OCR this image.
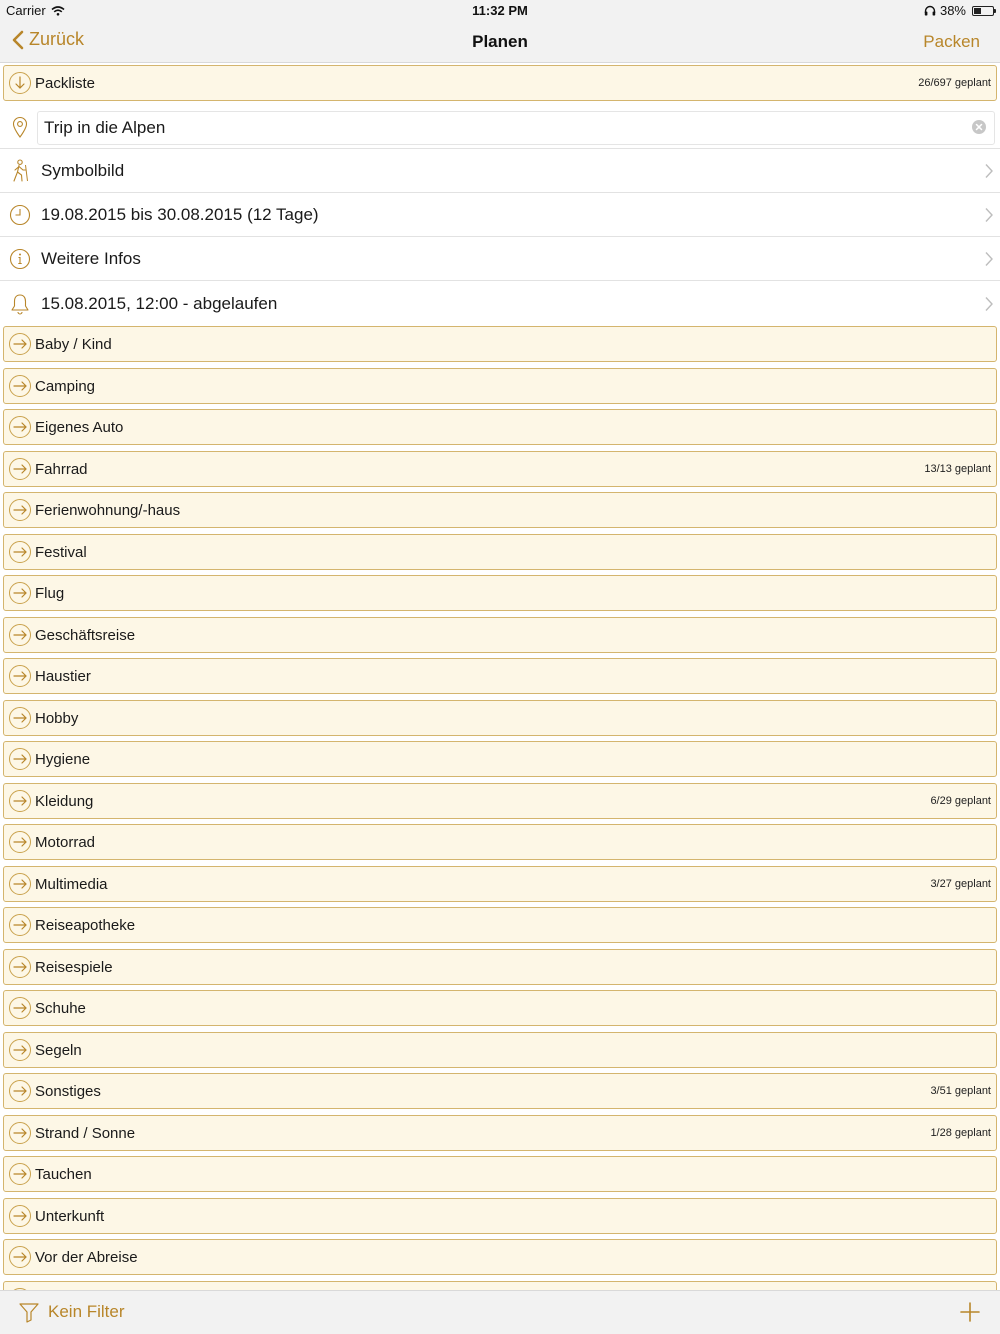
Carrier	11:32 PM	38%
Zurück	Planen	Packen
Packliste	26/697 geplant
Trip in die Alpen
Symbolbild
19.08.2015 bis 30.08.2015 (12 Tage)
Weitere Infos
15.08.2015, 12:00 - abgelaufen
Baby / Kind
Camping
Eigenes Auto
Fahrrad	13/13 geplant
Ferienwohnung/-haus
Festival
Flug
Geschäftsreise
Haustier
Hobby
Hygiene
Kleidung	6/29 geplant
Motorrad
Multimedia	3/27 geplant
Reiseapotheke
Reisespiele
Schuhe
Segeln
Sonstiges	3/51 geplant
Strand / Sonne	1/28 geplant
Tauchen
Unterkunft
Vor der Abreise
Kein Filter
